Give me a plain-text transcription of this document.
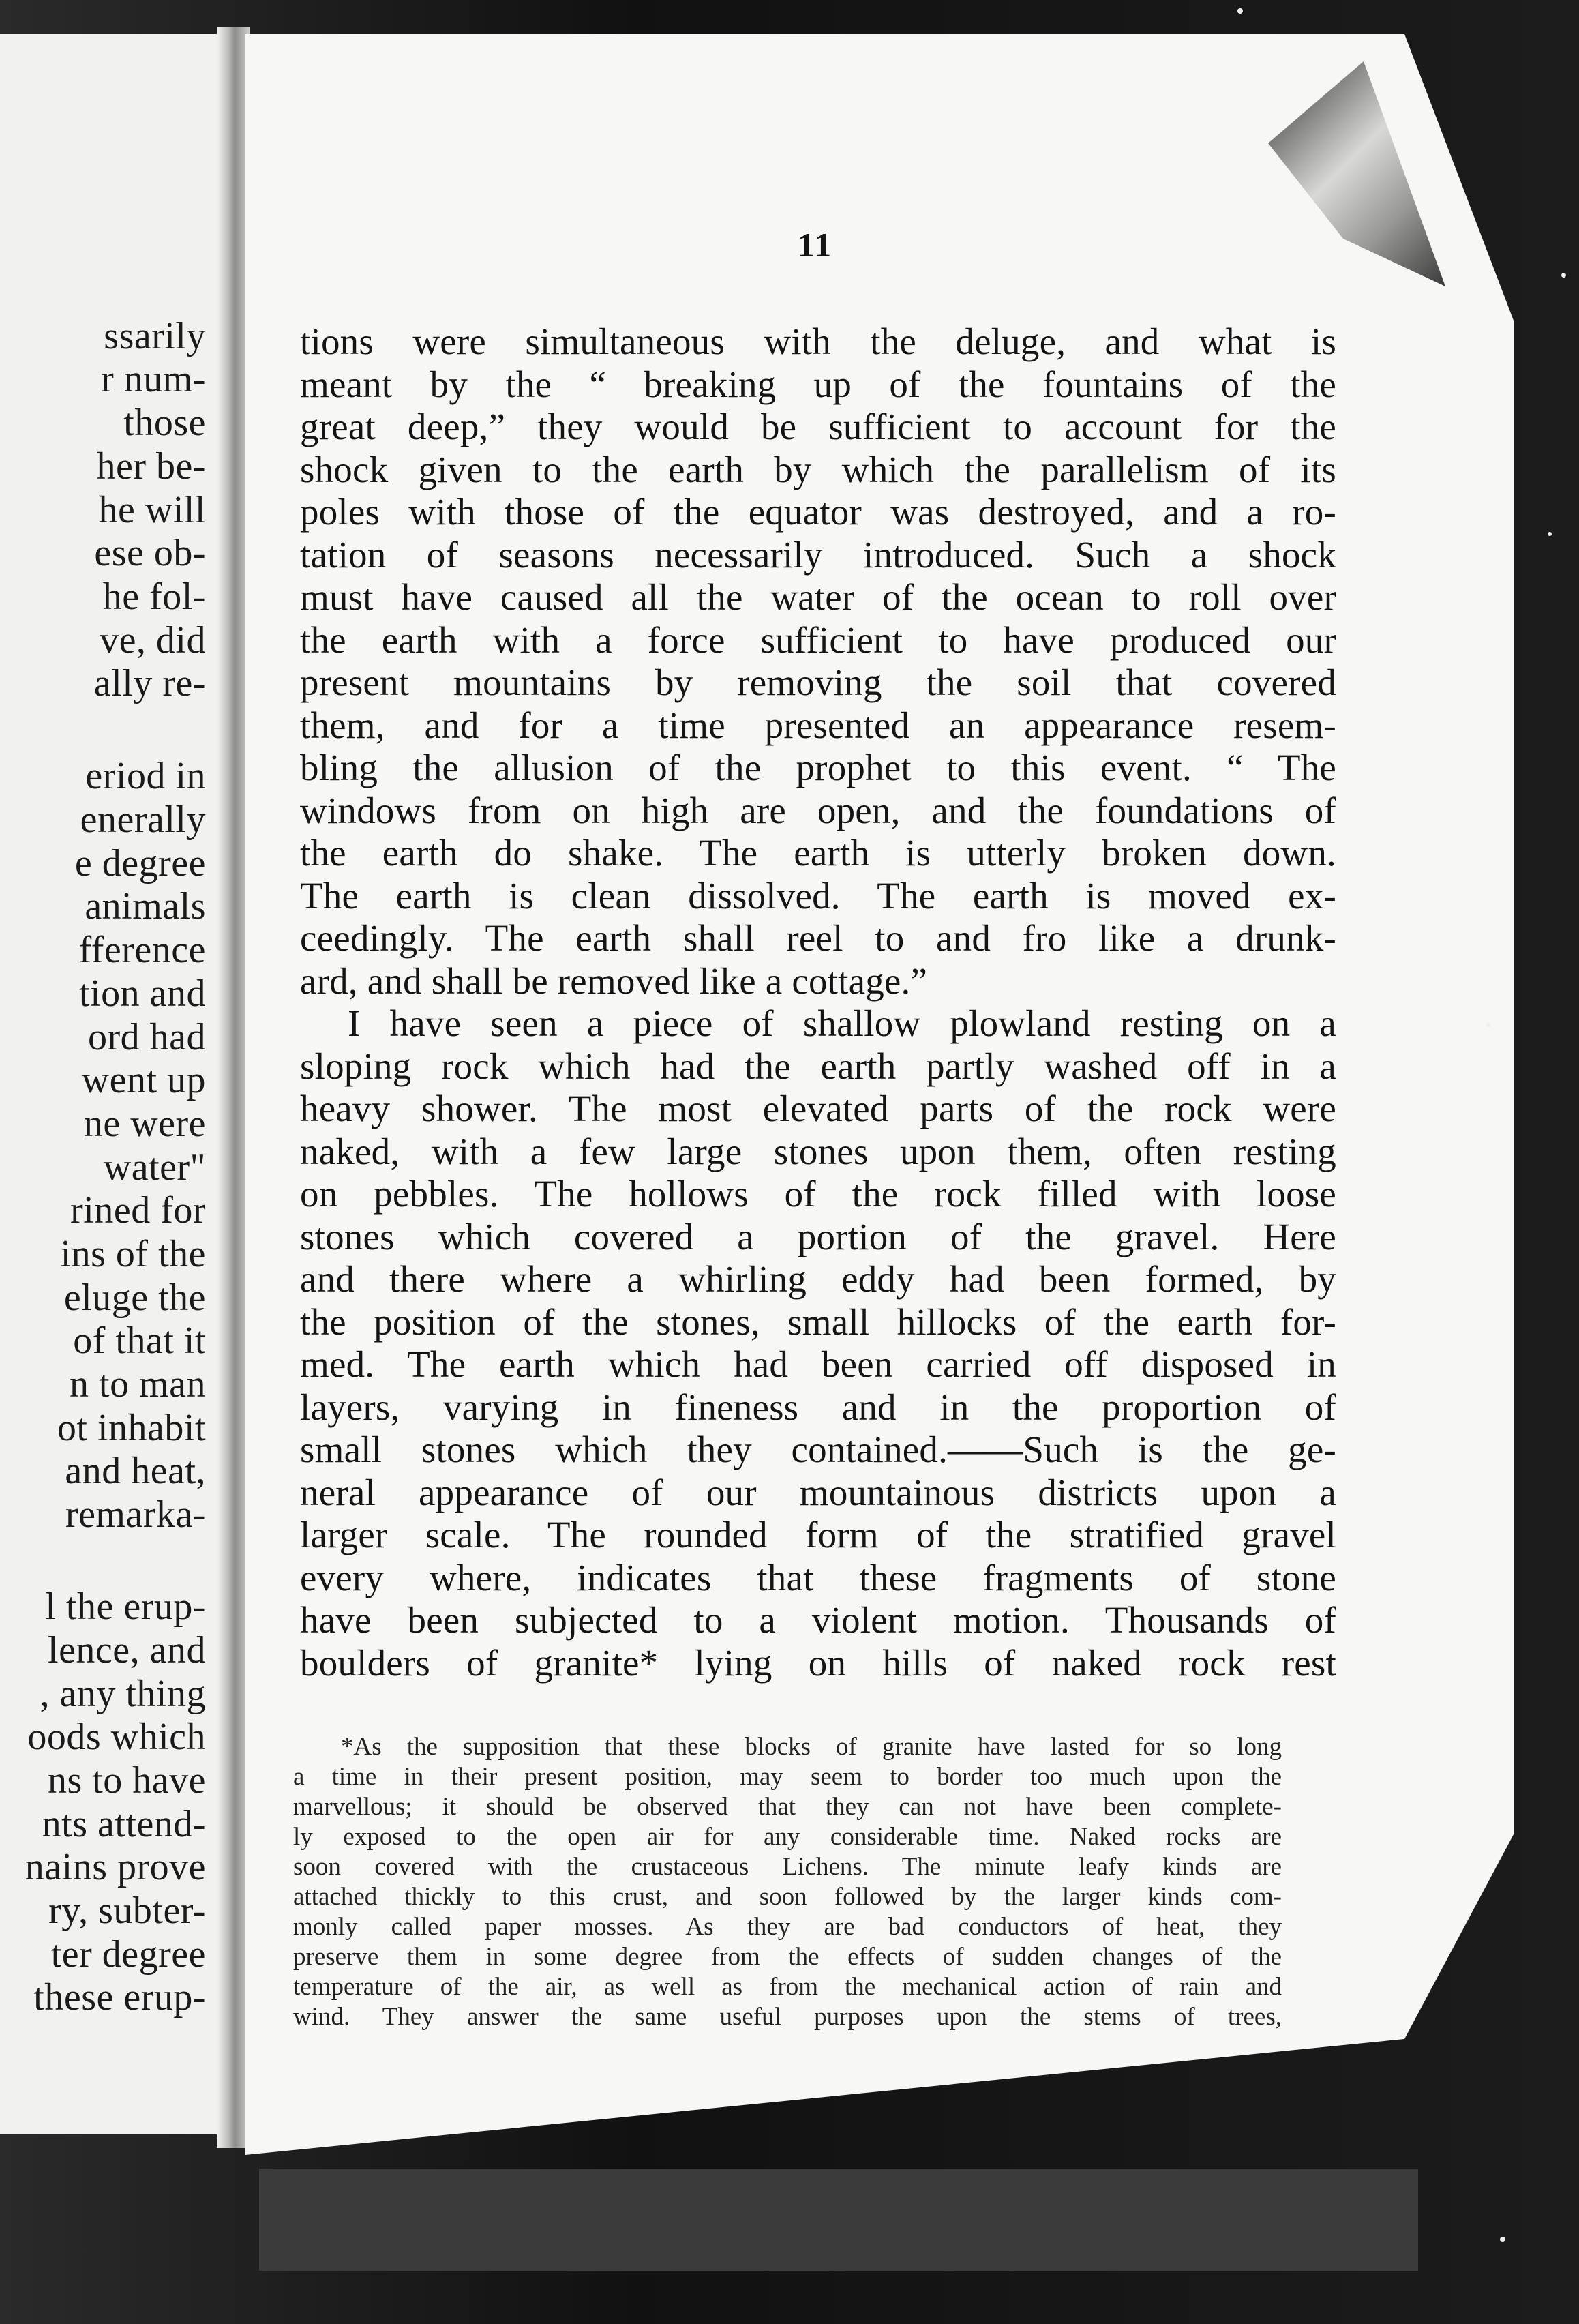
ssarily
r num-
those
her be-
he will
ese ob-
he fol-
ve, did
ally re-
eriod in
enerally
e degree
animals
fference
tion and
ord had
went up
ne were
water"
rined for
ins of the
eluge the
of that it
n to man
ot inhabit
and heat,
remarka-
l the erup-
lence, and
, any thing
oods which
ns to have
nts attend-
nains prove
ry, subter-
ter degree
these erup-
11
tions were simultaneous with the deluge, and what is
meant by the “ breaking up of the fountains of the
great deep,” they would be sufficient to account for the
shock given to the earth by which the parallelism of its
poles with those of the equator was destroyed, and a ro-
tation of seasons necessarily introduced. Such a shock
must have caused all the water of the ocean to roll over
the earth with a force sufficient to have produced our
present mountains by removing the soil that covered
them, and for a time presented an appearance resem-
bling the allusion of the prophet to this event. “ The
windows from on high are open, and the foundations of
the earth do shake. The earth is utterly broken down.
The earth is clean dissolved. The earth is moved ex-
ceedingly. The earth shall reel to and fro like a drunk-
ard, and shall be removed like a cottage.”
I have seen a piece of shallow plowland resting on a
sloping rock which had the earth partly washed off in a
heavy shower. The most elevated parts of the rock were
naked, with a few large stones upon them, often resting
on pebbles. The hollows of the rock filled with loose
stones which covered a portion of the gravel. Here
and there where a whirling eddy had been formed, by
the position of the stones, small hillocks of the earth for-
med. The earth which had been carried off disposed in
layers, varying in fineness and in the proportion of
small stones which they contained.——Such is the ge-
neral appearance of our mountainous districts upon a
larger scale. The rounded form of the stratified gravel
every where, indicates that these fragments of stone
have been subjected to a violent motion. Thousands of
boulders of granite* lying on hills of naked rock rest
*As the supposition that these blocks of granite have lasted for so long
a time in their present position, may seem to border too much upon the
marvellous; it should be observed that they can not have been complete-
ly exposed to the open air for any considerable time. Naked rocks are
soon covered with the crustaceous Lichens. The minute leafy kinds are
attached thickly to this crust, and soon followed by the larger kinds com-
monly called paper mosses. As they are bad conductors of heat, they
preserve them in some degree from the effects of sudden changes of the
temperature of the air, as well as from the mechanical action of rain and
wind. They answer the same useful purposes upon the stems of trees,
